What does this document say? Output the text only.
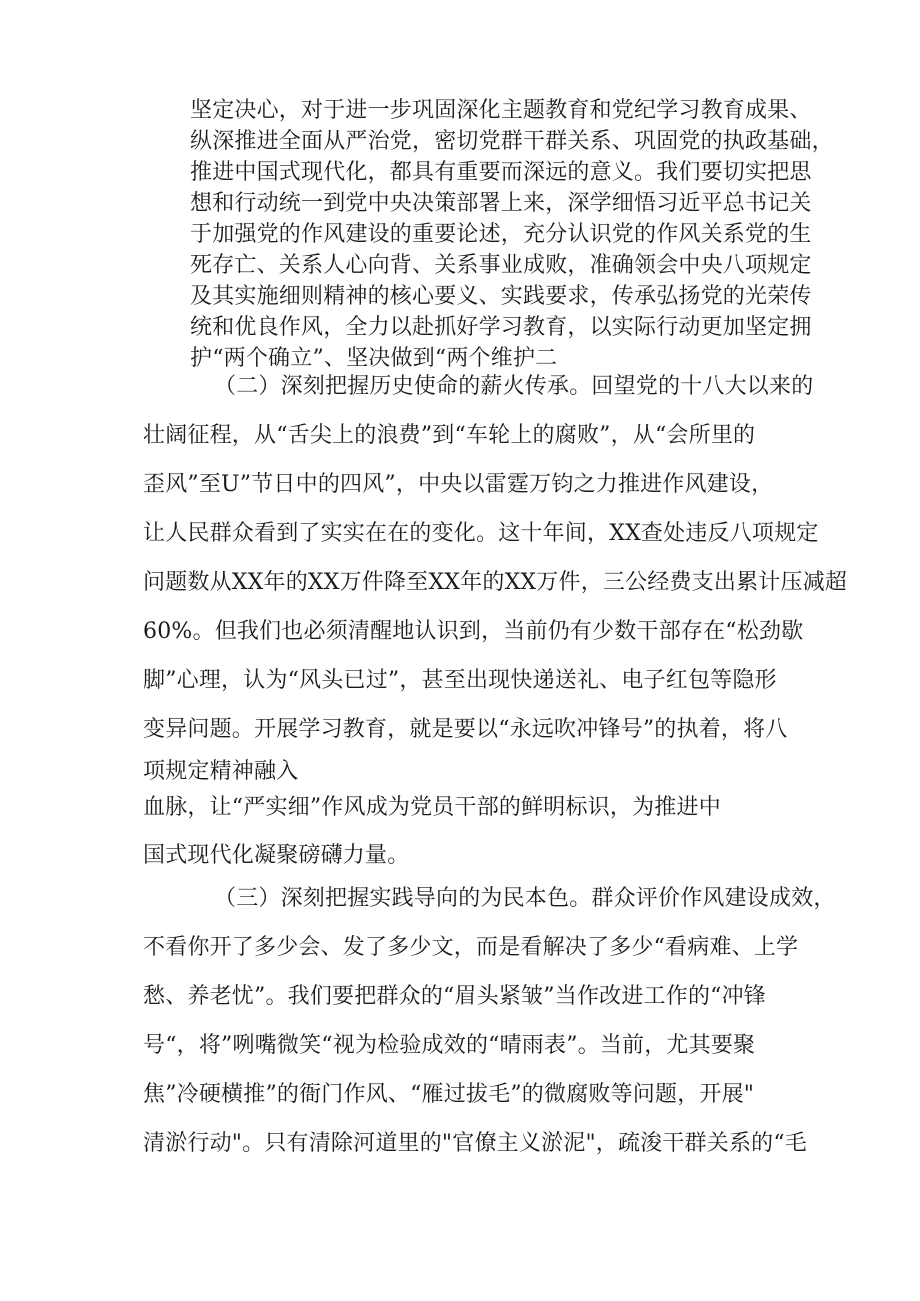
坚定决心，对于进一步巩固深化主题教育和党纪学习教育成果、
纵深推进全面从严治党，密切党群干群关系、巩固党的执政基础，
推进中国式现代化，都具有重要而深远的意义。我们要切实把思
想和行动统一到党中央决策部署上来，深学细悟习近平总书记关
于加强党的作风建设的重要论述，充分认识党的作风关系党的生
死存亡、关系人心向背、关系事业成败，准确领会中央八项规定
及其实施细则精神的核心要义、实践要求，传承弘扬党的光荣传
统和优良作风，全力以赴抓好学习教育，以实际行动更加坚定拥
护“两个确立”、坚决做到“两个维护二
（二）深刻把握历史使命的薪火传承。回望党的十八大以来的
壮阔征程，从“舌尖上的浪费”到“车轮上的腐败”，从“会所里的
歪风”至U”节日中的四风”，中央以雷霆万钧之力推进作风建设，
让人民群众看到了实实在在的变化。这十年间，XX查处违反八项规定
问题数从XX年的XX万件降至XX年的XX万件，三公经费支出累计压减超
60%。但我们也必须清醒地认识到，当前仍有少数干部存在“松劲歇
脚”心理，认为“风头已过”，甚至出现快递送礼、电子红包等隐形
变异问题。开展学习教育，就是要以“永远吹冲锋号”的执着，将八
项规定精神融入
血脉，让“严实细”作风成为党员干部的鲜明标识，为推进中
国式现代化凝聚磅礴力量。
（三）深刻把握实践导向的为民本色。群众评价作风建设成效，
不看你开了多少会、发了多少文，而是看解决了多少“看病难、上学
愁、养老忧”。我们要把群众的“眉头紧皱”当作改进工作的“冲锋
号“，将”咧嘴微笑“视为检验成效的“晴雨表”。当前，尤其要聚
焦”冷硬横推”的衙门作风、“雁过拔毛”的微腐败等问题，开展"
清淤行动"。只有清除河道里的"官僚主义淤泥"，疏浚干群关系的“毛
